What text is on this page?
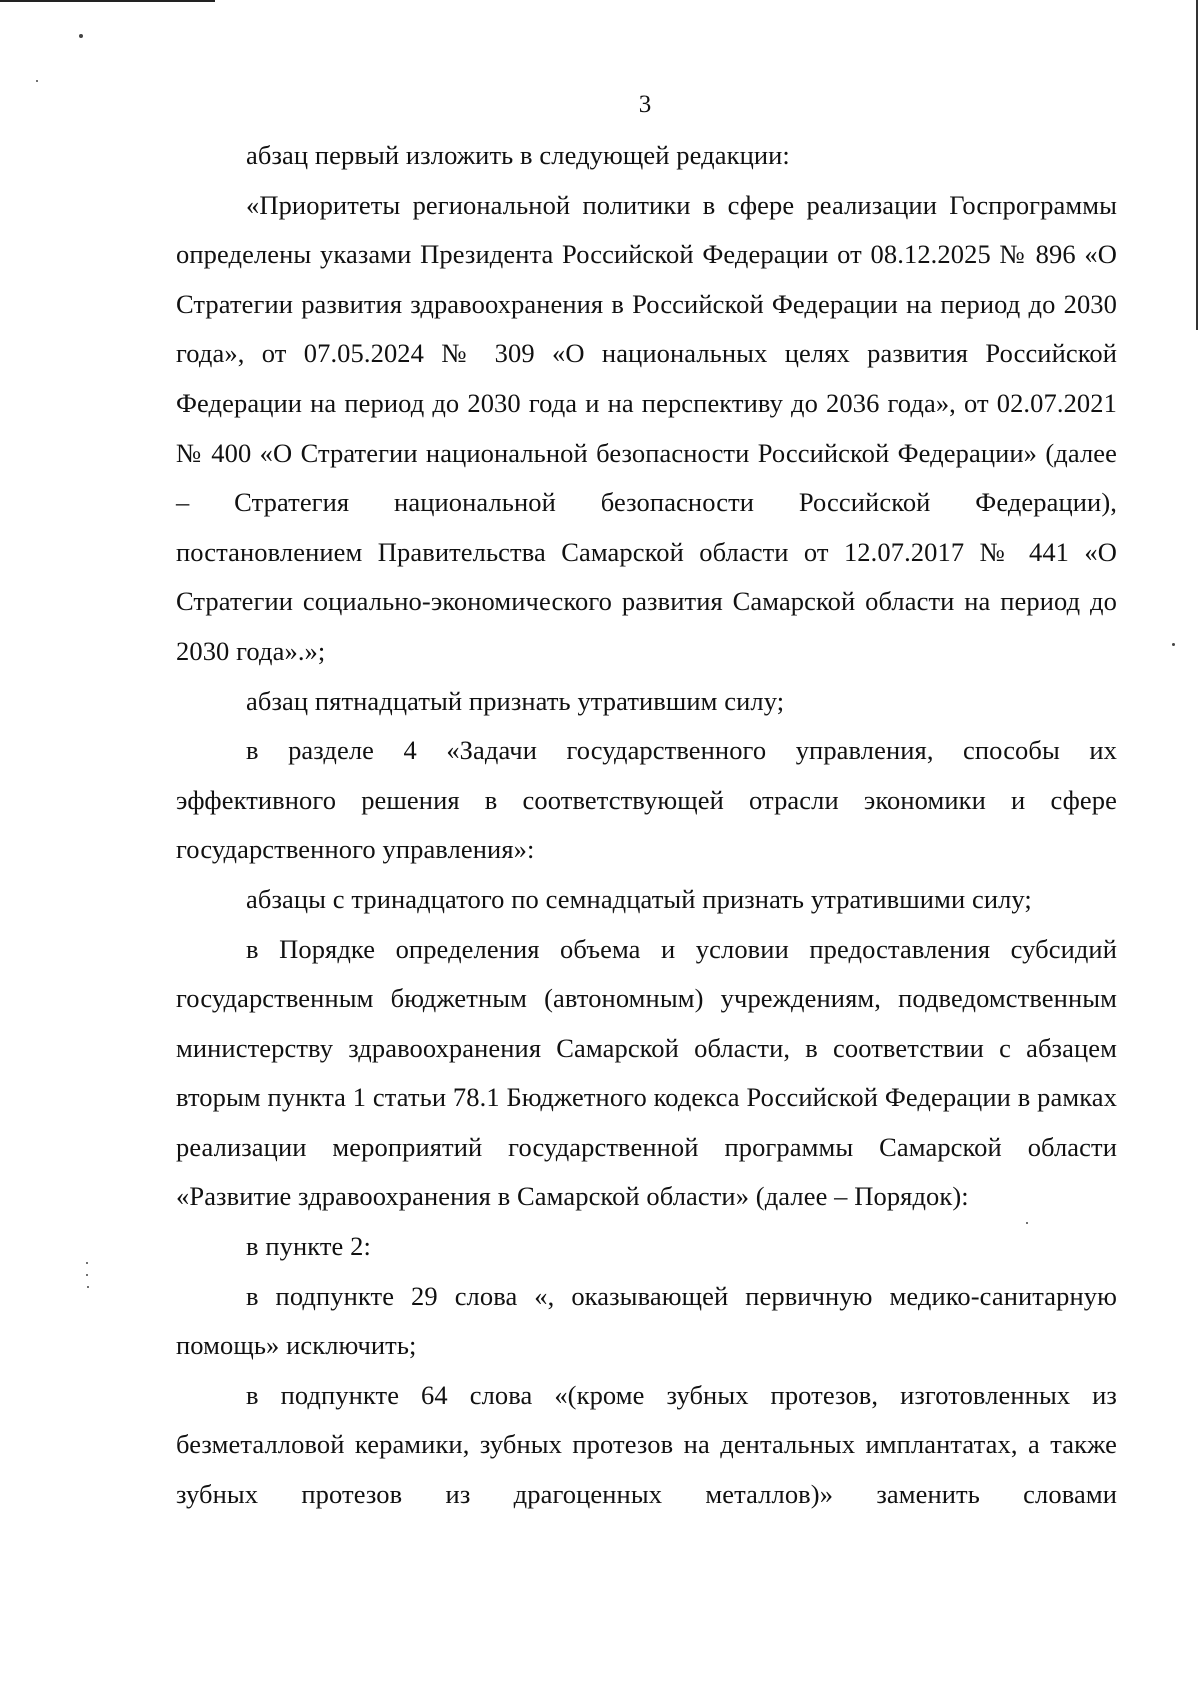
3

абзац первый изложить в следующей редакции:

«Приоритеты региональной политики в сфере реализации Госпрограммы определены указами Президента Российской Федерации от 08.12.2025 № 896 «О Стратегии развития здравоохранения в Российской Федерации на период до 2030 года», от 07.05.2024 № 309 «О национальных целях развития Российской Федерации на период до 2030 года и на перспективу до 2036 года», от 02.07.2021 № 400 «О Стратегии национальной безопасности Российской Федерации» (далее – Стратегия национальной безопасности Российской Федерации), постановлением Правительства Самарской области от 12.07.2017 № 441 «О Стратегии социально-экономического развития Самарской области на период до 2030 года».»;

абзац пятнадцатый признать утратившим силу;

в разделе 4 «Задачи государственного управления, способы их эффективного решения в соответствующей отрасли экономики и сфере государственного управления»:

абзацы с тринадцатого по семнадцатый признать утратившими силу;

в Порядке определения объема и условии предоставления субсидий государственным бюджетным (автономным) учреждениям, подведомственным министерству здравоохранения Самарской области, в соответствии с абзацем вторым пункта 1 статьи 78.1 Бюджетного кодекса Российской Федерации в рамках реализации мероприятий государственной программы Самарской области «Развитие здравоохранения в Самарской области» (далее – Порядок):

в пункте 2:

в подпункте 29 слова «, оказывающей первичную медико-санитарную помощь» исключить;

в подпункте 64 слова «(кроме зубных протезов, изготовленных из безметалловой керамики, зубных протезов на дентальных имплантатах, а также зубных протезов из драгоценных металлов)» заменить словами
